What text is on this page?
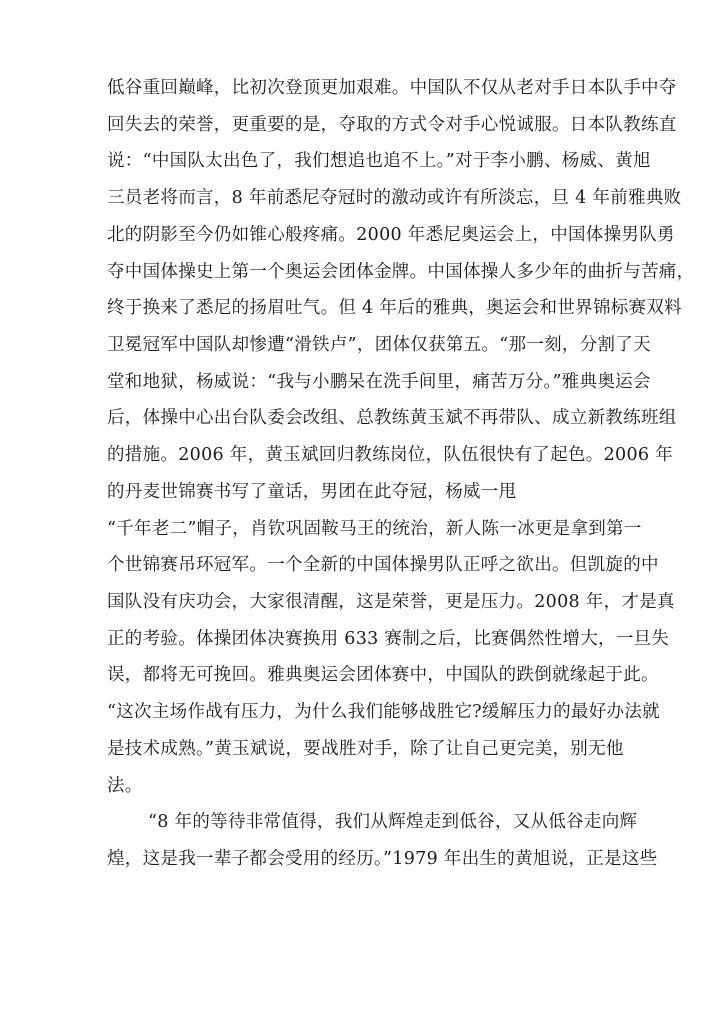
低谷重回巅峰，比初次登顶更加艰难。中国队不仅从老对手日本队手中夺
回失去的荣誉，更重要的是，夺取的方式令对手心悦诚服。日本队教练直
说：“中国队太出色了，我们想追也追不上。”对于李小鹏、杨威、黄旭
三员老将而言，8 年前悉尼夺冠时的激动或许有所淡忘，旦 4 年前雅典败
北的阴影至今仍如锥心般疼痛。2000 年悉尼奥运会上，中国体操男队勇
夺中国体操史上第一个奥运会团体金牌。中国体操人多少年的曲折与苦痛，
终于换来了悉尼的扬眉吐气。但 4 年后的雅典，奥运会和世界锦标赛双料
卫冕冠军中国队却惨遭“滑铁卢”，团体仅获第五。“那一刻，分割了天
堂和地狱，杨威说：“我与小鹏呆在洗手间里，痛苦万分。”雅典奥运会
后，体操中心出台队委会改组、总教练黄玉斌不再带队、成立新教练班组
的措施。2006 年，黄玉斌回归教练岗位，队伍很快有了起色。2006 年
的丹麦世锦赛书写了童话，男团在此夺冠，杨威一甩
“千年老二”帽子，肖钦巩固鞍马王的统治，新人陈一冰更是拿到第一
个世锦赛吊环冠军。一个全新的中国体操男队正呼之欲出。但凯旋的中
国队没有庆功会，大家很清醒，这是荣誉，更是压力。2008 年，才是真
正的考验。体操团体决赛换用 633 赛制之后，比赛偶然性增大，一旦失
误，都将无可挽回。雅典奥运会团体赛中，中国队的跌倒就缘起于此。
“这次主场作战有压力，为什么我们能够战胜它?缓解压力的最好办法就
是技术成熟。”黄玉斌说，要战胜对手，除了让自己更完美，别无他
法。
“8 年的等待非常值得，我们从辉煌走到低谷，又从低谷走向辉
煌，这是我一辈子都会受用的经历。”1979 年出生的黄旭说，正是这些
